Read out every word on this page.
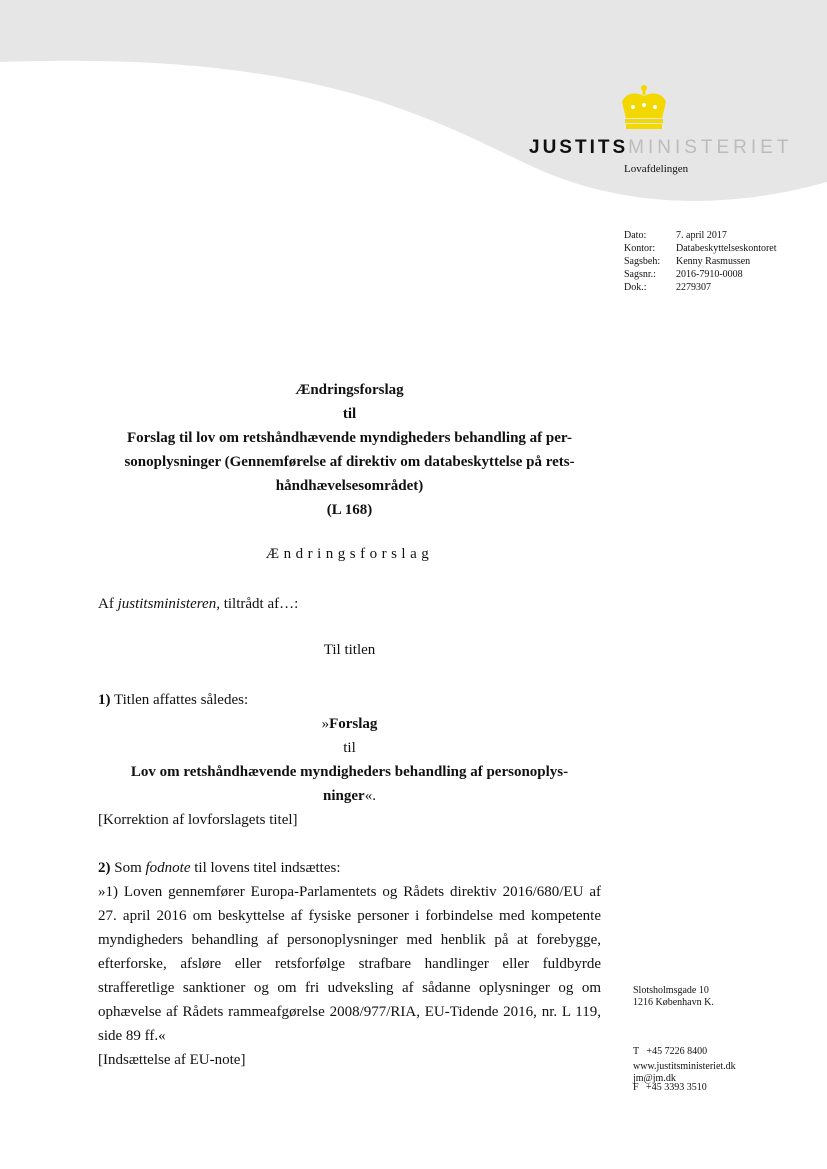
JUSTITSMINISTERIET
Lovafdelingen
Dato:	7. april 2017
Kontor:	Databeskyttelseskontoret
Sagsbeh:	Kenny Rasmussen
Sagsnr.:	2016-7910-0008
Dok.:	2279307
Ændringsforslag
til
Forslag til lov om retshåndhævende myndigheders behandling af per-
sonoplysninger (Gennemførelse af direktiv om databeskyttelse på rets-
håndhævelsesområdet)
(L 168)
Ændringsforslag
Af justitsministeren, tiltrådt af…:
Til titlen
1) Titlen affattes således:
»Forslag
til
Lov om retshåndhævende myndigheders behandling af personoplys-
ninger«.
[Korrektion af lovforslagets titel]
2) Som fodnote til lovens titel indsættes:
»1) Loven gennemfører Europa-Parlamentets og Rådets direktiv 2016/680/EU af 27. april 2016 om beskyttelse af fysiske personer i forbindelse med kompetente myndigheders behandling af personoplysninger med henblik på at forebygge, efterforske, afsløre eller retsforfølge strafbare handlinger eller fuldbyrde strafferetlige sanktioner og om fri udveksling af sådanne oplysninger og om ophævelse af Rådets rammeafgørelse 2008/977/RIA, EU-Tidende 2016, nr. L 119, side 89 ff.«
[Indsættelse af EU-note]
Slotsholmsgade 10
1216 København K.

T   +45 7226 8400

F   +45 3393 3510

www.justitsministeriet.dk
jm@jm.dk
